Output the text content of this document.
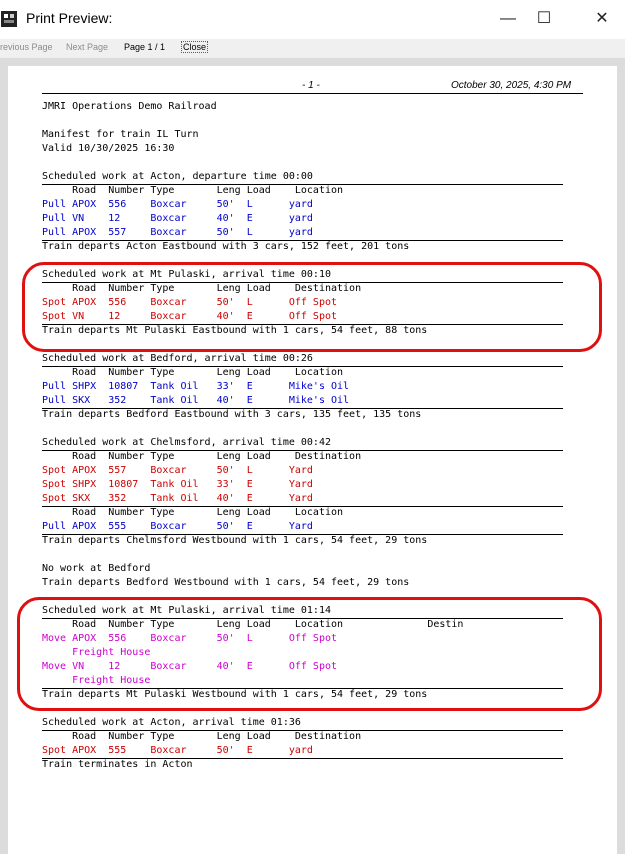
Print Preview:	—	☐	✕
revious Page Next Page Page 1 / 1 Close
- 1 -	October 30, 2025, 4:30 PM
JMRI Operations Demo Railroad
Manifest for train IL Turn
Valid 10/30/2025 16:30
Scheduled work at Acton, departure time 00:00
Road  Number Type       Leng Load    Location
Pull APOX  556    Boxcar     50'  L      yard
Pull VN    12     Boxcar     40'  E      yard
Pull APOX  557    Boxcar     50'  L      yard
Train departs Acton Eastbound with 3 cars, 152 feet, 201 tons
Scheduled work at Mt Pulaski, arrival time 00:10
Road  Number Type       Leng Load    Destination
Spot APOX  556    Boxcar     50'  L      Off Spot
Spot VN    12     Boxcar     40'  E      Off Spot
Train departs Mt Pulaski Eastbound with 1 cars, 54 feet, 88 tons
Scheduled work at Bedford, arrival time 00:26
Road  Number Type       Leng Load    Location
Pull SHPX  10807  Tank Oil   33'  E      Mike's Oil
Pull SKX   352    Tank Oil   40'  E      Mike's Oil
Train departs Bedford Eastbound with 3 cars, 135 feet, 135 tons
Scheduled work at Chelmsford, arrival time 00:42
Road  Number Type       Leng Load    Destination
Spot APOX  557    Boxcar     50'  L      Yard
Spot SHPX  10807  Tank Oil   33'  E      Yard
Spot SKX   352    Tank Oil   40'  E      Yard
Road  Number Type       Leng Load    Location
Pull APOX  555    Boxcar     50'  E      Yard
Train departs Chelmsford Westbound with 1 cars, 54 feet, 29 tons
No work at Bedford
Train departs Bedford Westbound with 1 cars, 54 feet, 29 tons
Scheduled work at Mt Pulaski, arrival time 01:14
Road  Number Type       Leng Load    Location              Destin
Move APOX  556    Boxcar     50'  L      Off Spot
Freight House
Move VN    12     Boxcar     40'  E      Off Spot
Freight House
Train departs Mt Pulaski Westbound with 1 cars, 54 feet, 29 tons
Scheduled work at Acton, arrival time 01:36
Road  Number Type       Leng Load    Destination
Spot APOX  555    Boxcar     50'  E      yard
Train terminates in Acton
